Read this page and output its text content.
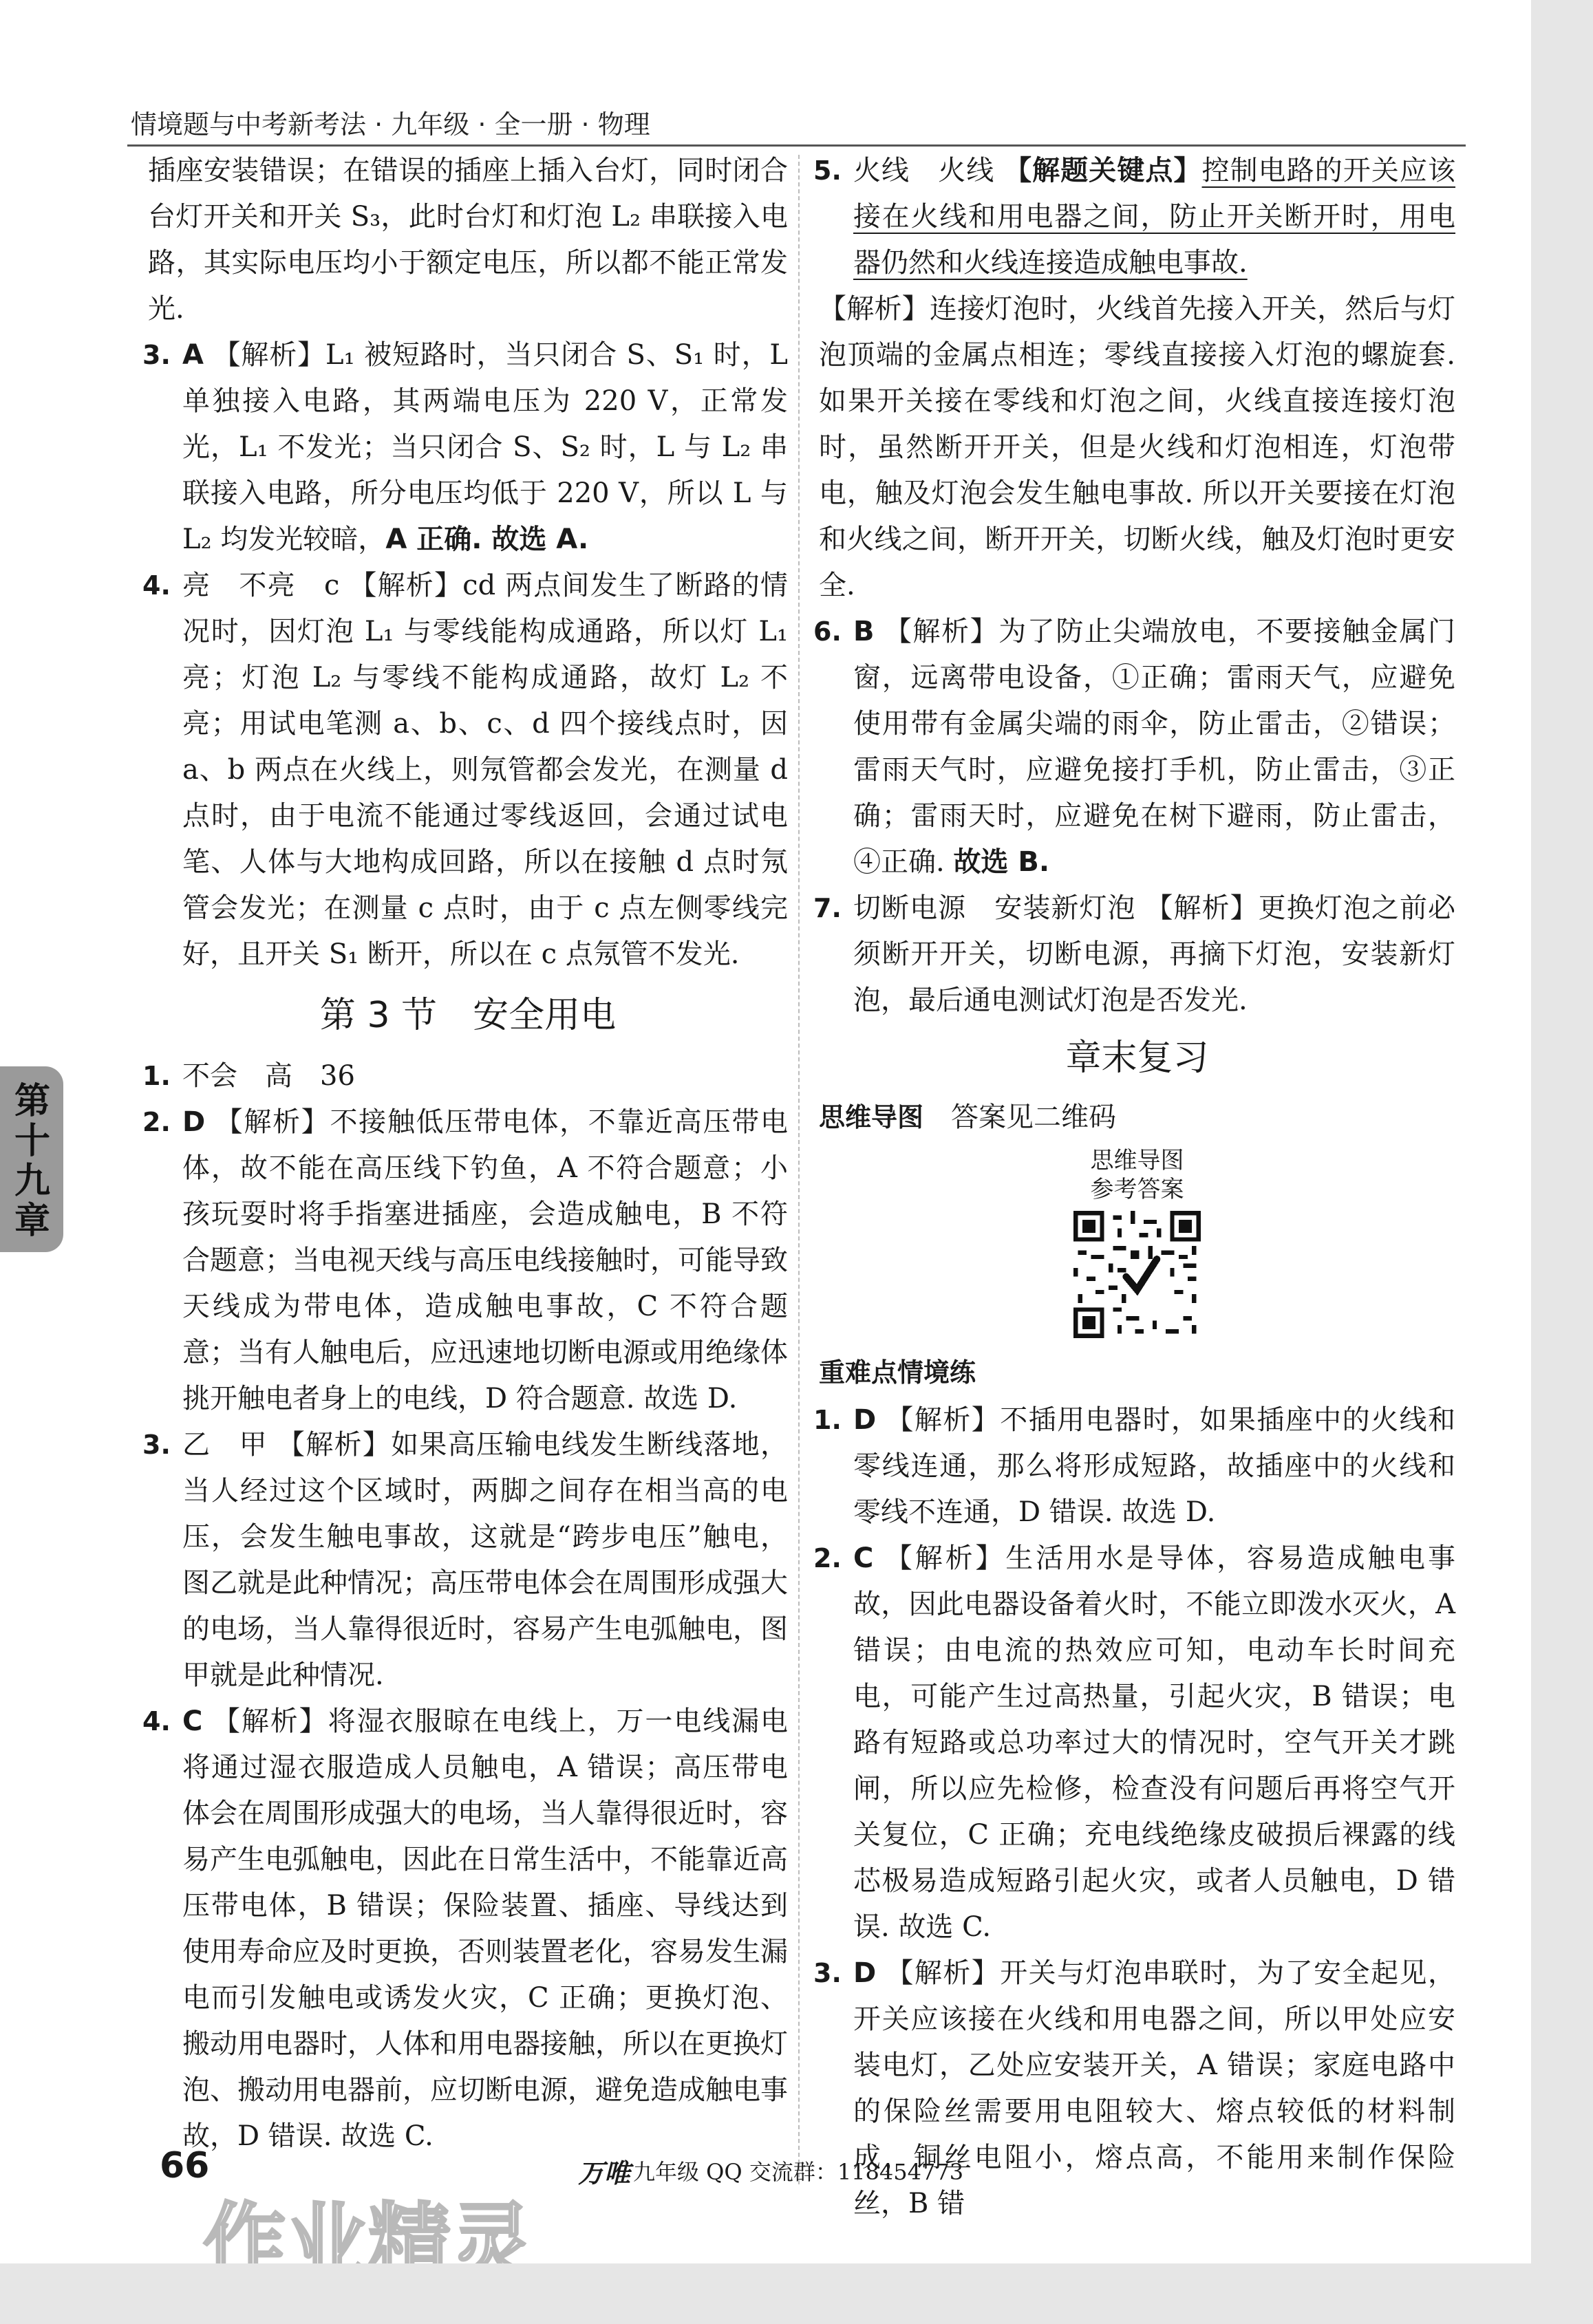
情境题与中考新考法 · 九年级 · 全一册 · 物理

插座安装错误；在错误的插座上插入台灯，同时闭合台灯开关和开关 S₃，此时台灯和灯泡 L₂ 串联接入电路，其实际电压均小于额定电压，所以都不能正常发光.

3. A 【解析】L₁ 被短路时，当只闭合 S、S₁ 时，L 单独接入电路，其两端电压为 220 V，正常发光，L₁ 不发光；当只闭合 S、S₂ 时，L 与 L₂ 串联接入电路，所分电压均低于 220 V，所以 L 与 L₂ 均发光较暗，A 正确. 故选 A.
4. 亮　不亮　c 【解析】cd 两点间发生了断路的情况时，因灯泡 L₁ 与零线能构成通路，所以灯 L₁ 亮；灯泡 L₂ 与零线不能构成通路，故灯 L₂ 不亮；用试电笔测 a、b、c、d 四个接线点时，因 a、b 两点在火线上，则氖管都会发光，在测量 d 点时，由于电流不能通过零线返回，会通过试电笔、人体与大地构成回路，所以在接触 d 点时氖管会发光；在测量 c 点时，由于 c 点左侧零线完好，且开关 S₁ 断开，所以在 c 点氖管不发光.
第 3 节　安全用电
1. 不会　高　36
2. D 【解析】不接触低压带电体，不靠近高压带电体，故不能在高压线下钓鱼，A 不符合题意；小孩玩耍时将手指塞进插座，会造成触电，B 不符合题意；当电视天线与高压电线接触时，可能导致天线成为带电体，造成触电事故，C 不符合题意；当有人触电后，应迅速地切断电源或用绝缘体挑开触电者身上的电线，D 符合题意. 故选 D.
3. 乙　甲 【解析】如果高压输电线发生断线落地，当人经过这个区域时，两脚之间存在相当高的电压，会发生触电事故，这就是“跨步电压”触电，图乙就是此种情况；高压带电体会在周围形成强大的电场，当人靠得很近时，容易产生电弧触电，图甲就是此种情况.
4. C 【解析】将湿衣服晾在电线上，万一电线漏电将通过湿衣服造成人员触电，A 错误；高压带电体会在周围形成强大的电场，当人靠得很近时，容易产生电弧触电，因此在日常生活中，不能靠近高压带电体，B 错误；保险装置、插座、导线达到使用寿命应及时更换，否则装置老化，容易发生漏电而引发触电或诱发火灾，C 正确；更换灯泡、搬动用电器时，人体和用电器接触，所以在更换灯泡、搬动用电器前，应切断电源，避免造成触电事故，D 错误. 故选 C.
5. 火线　火线 【解题关键点】控制电路的开关应该接在火线和用电器之间，防止开关断开时，用电器仍然和火线连接造成触电事故.

【解析】连接灯泡时，火线首先接入开关，然后与灯泡顶端的金属点相连；零线直接接入灯泡的螺旋套. 如果开关接在零线和灯泡之间，火线直接连接灯泡时，虽然断开开关，但是火线和灯泡相连，灯泡带电，触及灯泡会发生触电事故. 所以开关要接在灯泡和火线之间，断开开关，切断火线，触及灯泡时更安全.

6. B 【解析】为了防止尖端放电，不要接触金属门窗，远离带电设备，①正确；雷雨天气，应避免使用带有金属尖端的雨伞，防止雷击，②错误；雷雨天气时，应避免接打手机，防止雷击，③正确；雷雨天时，应避免在树下避雨，防止雷击，④正确. 故选 B.
7. 切断电源　安装新灯泡 【解析】更换灯泡之前必须断开开关，切断电源，再摘下灯泡，安装新灯泡，最后通电测试灯泡是否发光.
章末复习
思维导图　 答案见二维码
思维导图
参考答案
重难点情境练
1. D 【解析】不插用电器时，如果插座中的火线和零线连通，那么将形成短路，故插座中的火线和零线不连通，D 错误. 故选 D.
2. C 【解析】生活用水是导体，容易造成触电事故，因此电器设备着火时，不能立即泼水灭火，A 错误；由电流的热效应可知，电动车长时间充电，可能产生过高热量，引起火灾，B 错误；电路有短路或总功率过大的情况时，空气开关才跳闸，所以应先检修，检查没有问题后再将空气开关复位，C 正确；充电线绝缘皮破损后裸露的线芯极易造成短路引起火灾，或者人员触电，D 错误. 故选 C.
3. D 【解析】开关与灯泡串联时，为了安全起见，开关应该接在火线和用电器之间，所以甲处应安装电灯，乙处应安装开关，A 错误；家庭电路中的保险丝需要用电阻较大、熔点较低的材料制成，铜丝电阻小，熔点高，不能用来制作保险丝，B 错
第十九章
66	万唯 九年级 QQ 交流群：118454773
作业精灵
